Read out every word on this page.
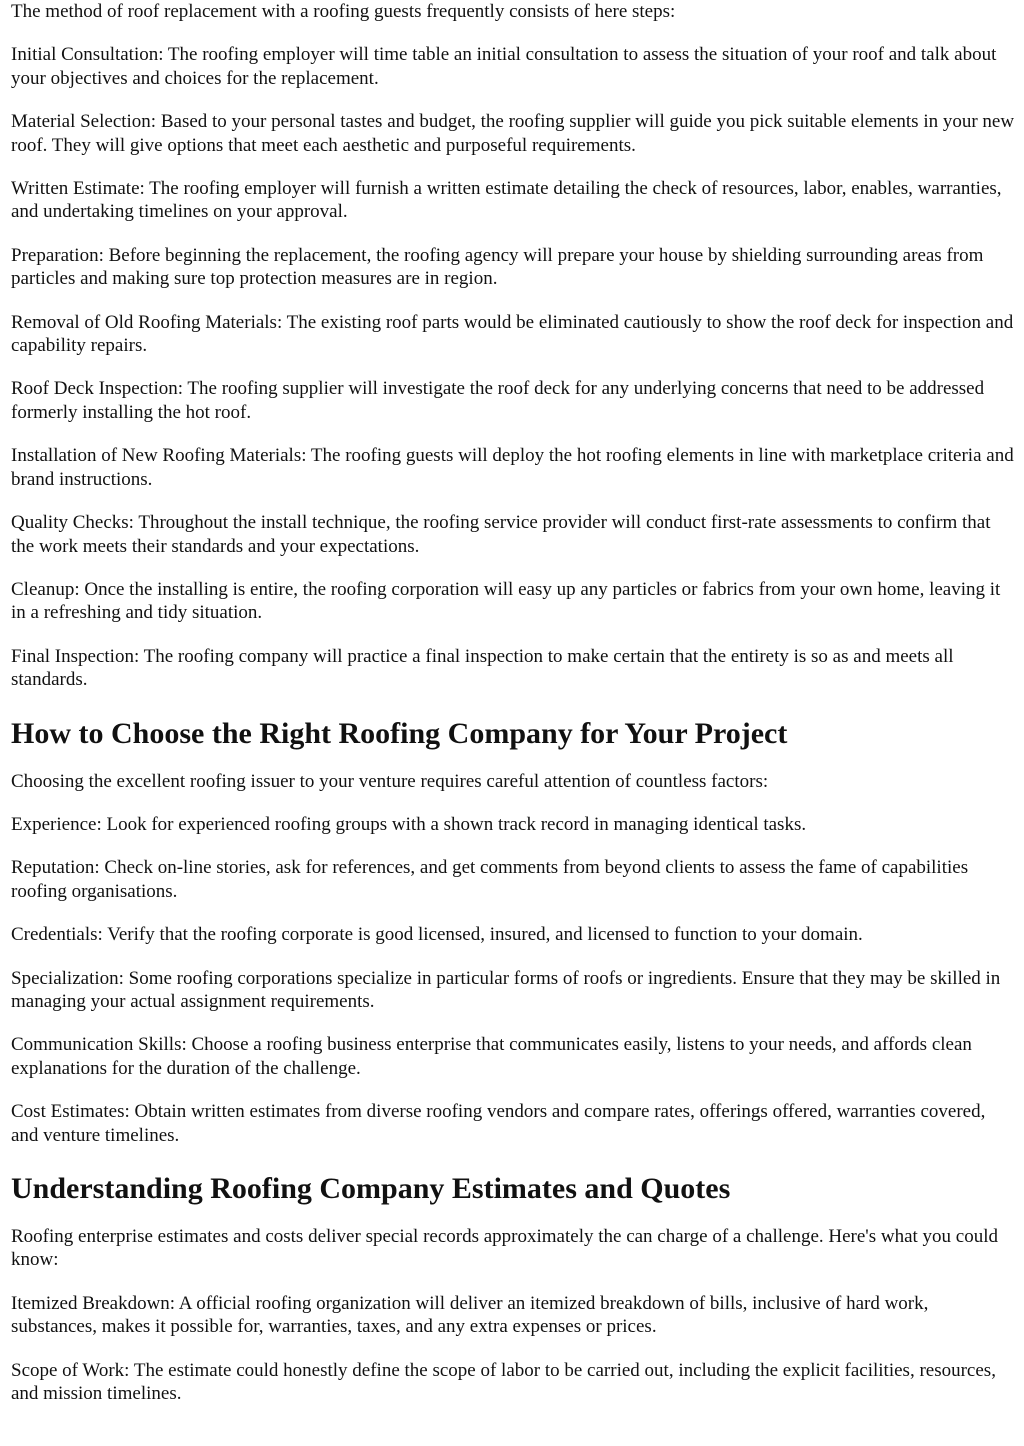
The method of roof replacement with a roofing guests frequently consists of here steps:

Initial Consultation: The roofing employer will time table an initial consultation to assess the situation of your roof and talk about your objectives and choices for the replacement.

Material Selection: Based to your personal tastes and budget, the roofing supplier will guide you pick suitable elements in your new roof. They will give options that meet each aesthetic and purposeful requirements.

Written Estimate: The roofing employer will furnish a written estimate detailing the check of resources, labor, enables, warranties, and undertaking timelines on your approval.

Preparation: Before beginning the replacement, the roofing agency will prepare your house by shielding surrounding areas from particles and making sure top protection measures are in region.

Removal of Old Roofing Materials: The existing roof parts would be eliminated cautiously to show the roof deck for inspection and capability repairs.

Roof Deck Inspection: The roofing supplier will investigate the roof deck for any underlying concerns that need to be addressed formerly installing the hot roof.

Installation of New Roofing Materials: The roofing guests will deploy the hot roofing elements in line with marketplace criteria and brand instructions.

Quality Checks: Throughout the install technique, the roofing service provider will conduct first-rate assessments to confirm that the work meets their standards and your expectations.

Cleanup: Once the installing is entire, the roofing corporation will easy up any particles or fabrics from your own home, leaving it in a refreshing and tidy situation.

Final Inspection: The roofing company will practice a final inspection to make certain that the entirety is so as and meets all standards.

How to Choose the Right Roofing Company for Your Project

Choosing the excellent roofing issuer to your venture requires careful attention of countless factors:

Experience: Look for experienced roofing groups with a shown track record in managing identical tasks.

Reputation: Check on-line stories, ask for references, and get comments from beyond clients to assess the fame of capabilities roofing organisations.

Credentials: Verify that the roofing corporate is good licensed, insured, and licensed to function to your domain.

Specialization: Some roofing corporations specialize in particular forms of roofs or ingredients. Ensure that they may be skilled in managing your actual assignment requirements.

Communication Skills: Choose a roofing business enterprise that communicates easily, listens to your needs, and affords clean explanations for the duration of the challenge.

Cost Estimates: Obtain written estimates from diverse roofing vendors and compare rates, offerings offered, warranties covered, and venture timelines.

Understanding Roofing Company Estimates and Quotes

Roofing enterprise estimates and costs deliver special records approximately the can charge of a challenge. Here's what you could know:

Itemized Breakdown: A official roofing organization will deliver an itemized breakdown of bills, inclusive of hard work, substances, makes it possible for, warranties, taxes, and any extra expenses or prices.

Scope of Work: The estimate could honestly define the scope of labor to be carried out, including the explicit facilities, resources, and mission timelines.
